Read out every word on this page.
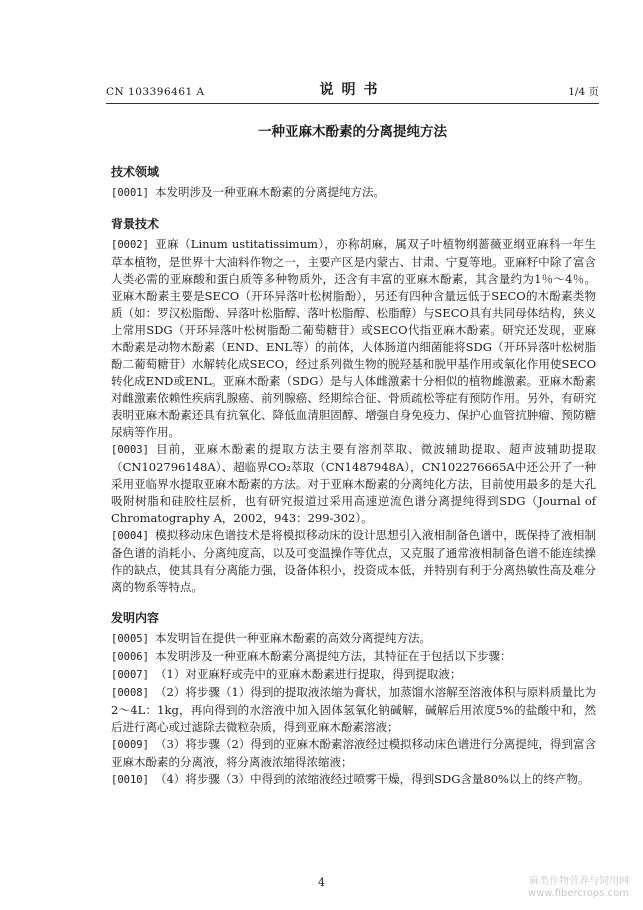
CN 103396461 A	说明书	1/4 页
一种亚麻木酚素的分离提纯方法
技术领域

[0001] 本发明涉及一种亚麻木酚素的分离提纯方法。

背景技术

[0002] 亚麻（Linum ustitatissimum），亦称胡麻，属双子叶植物纲蔷薇亚纲亚麻科一年生草本植物，是世界十大油料作物之一，主要产区是内蒙古、甘肃、宁夏等地。亚麻籽中除了富含人类必需的亚麻酸和蛋白质等多种物质外，还含有丰富的亚麻木酚素，其含量约为1％～4％。亚麻木酚素主要是SECO（开环异落叶松树脂酚），另还有四种含量远低于SECO的木酚素类物质（如：罗汉松脂酚、异落叶松脂醇、落叶松脂醇、松脂醇）与SECO具有共同母体结构，狭义上常用SDG（开环异落叶松树脂酚二葡萄糖苷）或SECO代指亚麻木酚素。研究还发现，亚麻木酚素是动物木酚素（END、ENL等）的前体，人体肠道内细菌能将SDG（开环异落叶松树脂酚二葡萄糖苷）水解转化成SECO，经过系列微生物的脱羟基和脱甲基作用或氧化作用使SECO转化成END或ENL。亚麻木酚素（SDG）是与人体雌激素十分相似的植物雌激素。亚麻木酚素对雌激素依赖性疾病乳腺癌、前列腺癌、经期综合征、骨质疏松等症有预防作用。另外，有研究表明亚麻木酚素还具有抗氧化、降低血清胆固醇、增强自身免疫力、保护心血管抗肿瘤、预防糖尿病等作用。

[0003] 目前，亚麻木酚素的提取方法主要有溶剂萃取、微波辅助提取、超声波辅助提取（CN102796148A）、超临界CO₂萃取（CN1487948A），CN102276665A中还公开了一种采用亚临界水提取亚麻木酚素的方法。对于亚麻木酚素的分离纯化方法，目前使用最多的是大孔吸附树脂和硅胶柱层析，也有研究报道过采用高速逆流色谱分离提纯得到SDG（Journal of Chromatography A，2002，943：299-302）。

[0004] 模拟移动床色谱技术是将模拟移动床的设计思想引入液相制备色谱中，既保持了液相制备色谱的消耗小、分离纯度高，以及可变温操作等优点，又克服了通常液相制备色谱不能连续操作的缺点，使其具有分离能力强，设备体积小，投资成本低，并特别有利于分离热敏性高及难分离的物系等特点。

发明内容

[0005] 本发明旨在提供一种亚麻木酚素的高效分离提纯方法。

[0006] 本发明涉及一种亚麻木酚素分离提纯方法，其特征在于包括以下步骤：

[0007] （1）对亚麻籽或壳中的亚麻木酚素进行提取，得到提取液；

[0008] （2）将步骤（1）得到的提取液浓缩为膏状，加蒸馏水溶解至溶液体积与原料质量比为2～4L：1kg，再向得到的水溶液中加入固体氢氧化钠碱解，碱解后用浓度5%的盐酸中和，然后进行离心或过滤除去微粒杂质，得到亚麻木酚素溶液；

[0009] （3）将步骤（2）得到的亚麻木酚素溶液经过模拟移动床色谱进行分离提纯，得到富含亚麻木酚素的分离液，将分离液浓缩得浓缩液；

[0010] （4）将步骤（3）中得到的浓缩液经过喷雾干燥，得到SDG含量80%以上的终产物。

4	麻类作物营养与饲用网
www.fibercrops.com
